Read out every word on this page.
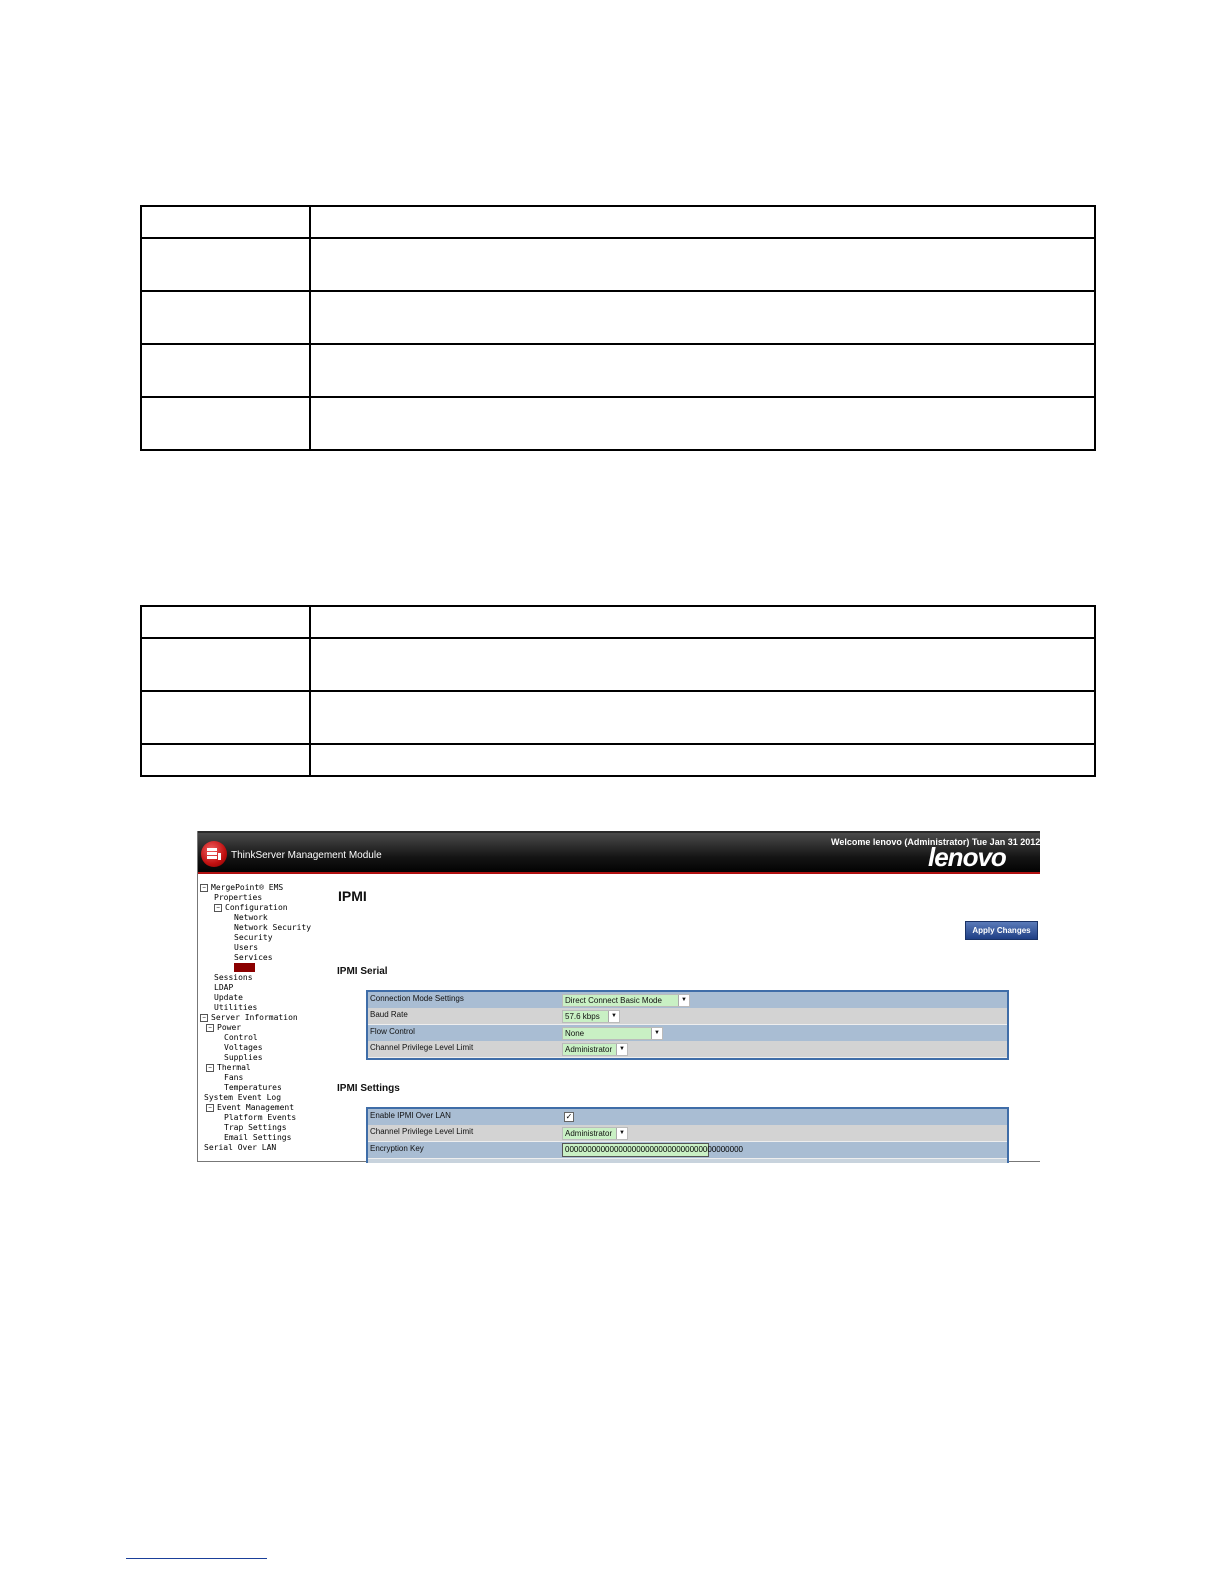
ThinkServer Management Module
Welcome lenovo (Administrator) Tue Jan 31 2012 20:
lenovo
− MergePoint® EMS
Properties
− Configuration
Network
Network Security
Security
Users
Services
IPMI
Sessions
LDAP
Update
Utilities
− Server Information
− Power
Control
Voltages
Supplies
− Thermal
Fans
Temperatures
System Event Log
− Event Management
Platform Events
Trap Settings
Email Settings
Serial Over LAN
IPMI
Apply Changes
IPMI Serial
Connection Mode Settings	Direct Connect Basic Mode	▼
Baud Rate	57.6 kbps	▼
Flow Control	None	▼
Channel Privilege Level Limit	Administrator	▼
IPMI Settings
Enable IPMI Over LAN	✓
Channel Privilege Level Limit	Administrator	▼
Encryption Key	0000000000000000000000000000000000000000
